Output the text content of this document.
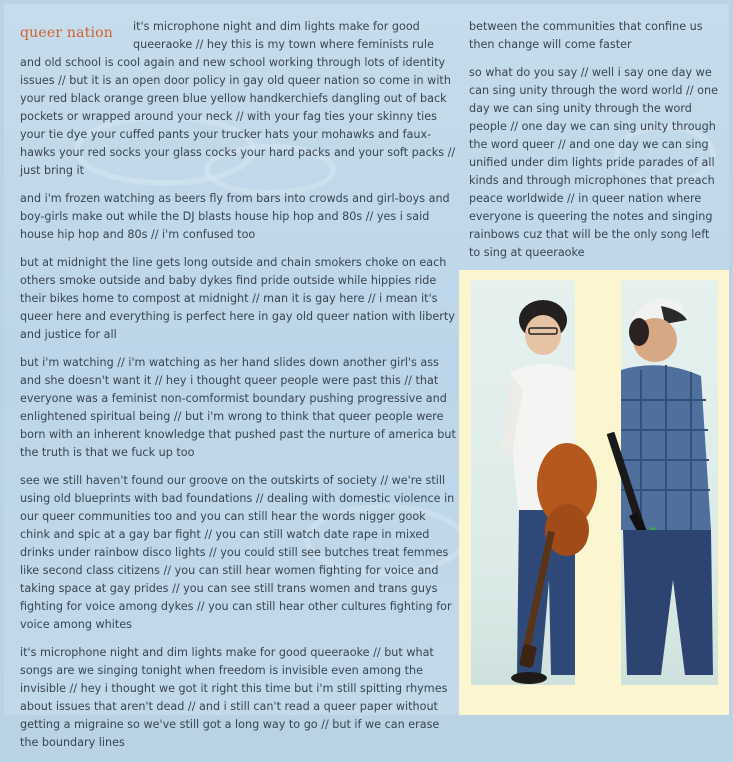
queer nation it's microphone night and dim lights make for good queeraoke // hey this is my town where feminists rule and old school is cool again and new school working through lots of identity issues // but it is an open door policy in gay old queer nation so come in with your red black orange green blue yellow handkerchiefs dangling out of back pockets or wrapped around your neck // with your fag ties your skinny ties your tie dye your cuffed pants your trucker hats your mohawks and faux-hawks your red socks your glass cocks your hard packs and your soft packs // just bring it

and i'm frozen watching as beers fly from bars into crowds and girl-boys and boy-girls make out while the DJ blasts house hip hop and 80s // yes i said house hip hop and 80s // i'm confused too

but at midnight the line gets long outside and chain smokers choke on each others smoke outside and baby dykes find pride outside while hippies ride their bikes home to compost at midnight // man it is gay here // i mean it's queer here and everything is perfect here in gay old queer nation with liberty and justice for all

but i'm watching // i'm watching as her hand slides down another girl's ass and she doesn't want it // hey i thought queer people were past this // that everyone was a feminist non-comformist boundary pushing progressive and enlightened spiritual being // but i'm wrong to think that queer people were born with an inherent knowledge that pushed past the nurture of america but the truth is that we fuck up too

see we still haven't found our groove on the outskirts of society // we're still using old blueprints with bad foundations // dealing with domestic violence in our queer communities too and you can still hear the words nigger gook chink and spic at a gay bar fight // you can still watch date rape in mixed drinks under rainbow disco lights // you could still see butches treat femmes like second class citizens // you can still hear women fighting for voice and taking space at gay prides // you can see still trans women and trans guys fighting for voice among dykes // you can still hear other cultures fighting for voice among whites

it's microphone night and dim lights make for good queeraoke // but what songs are we singing tonight when freedom is invisible even among the invisible // hey i thought we got it right this time but i'm still spitting rhymes about issues that aren't dead // and i still can't read a queer paper without getting a migraine so we've still got a long way to go // but if we can erase the boundary lines

between the communities that confine us then change will come faster

so what do you say // well i say one day we can sing unity through the word world // one day we can sing unity through the word people // one day we can sing unity through the word queer // and one day we can sing unified under dim lights pride parades of all kinds and through microphones that preach peace worldwide // in queer nation where everyone is queering the notes and singing rainbows cuz that will be the only song left to sing at queeraoke
